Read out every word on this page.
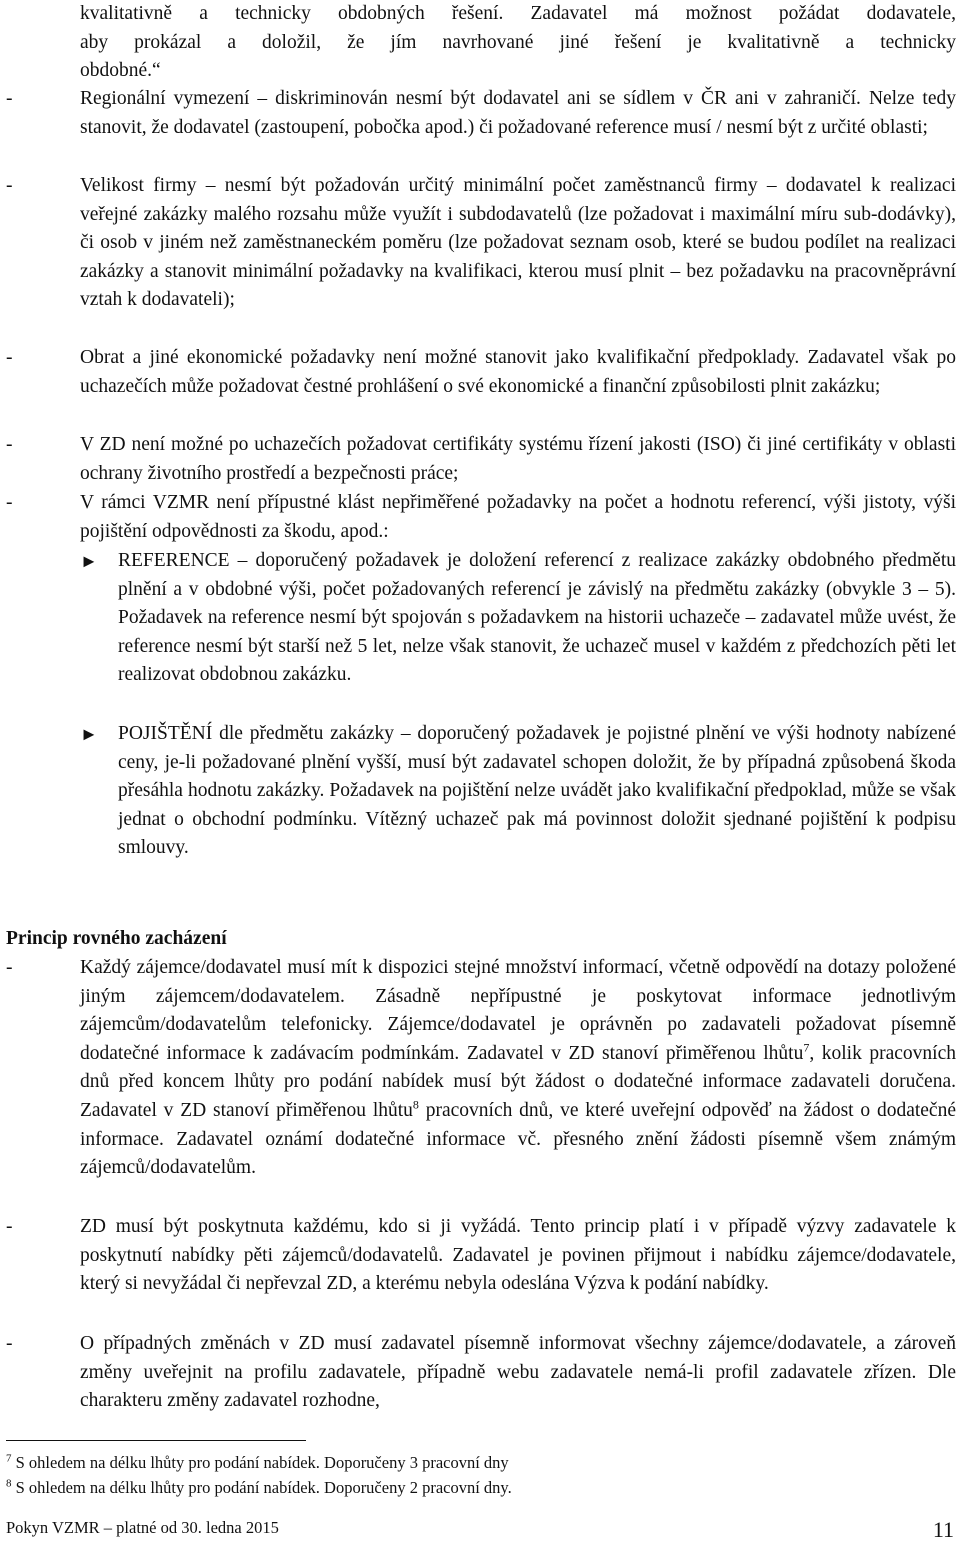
kvalitativně a technicky obdobných řešení. Zadavatel má možnost požádat dodavatele,
aby prokázal a doložil, že jím navrhované jiné řešení je kvalitativně a technicky
obdobné.“
-	Regionální vymezení – diskriminován nesmí být dodavatel ani se sídlem v ČR ani v zahraničí. Nelze tedy stanovit, že dodavatel (zastoupení, pobočka apod.) či požadované reference musí / nesmí být z určité oblasti;

-	Velikost firmy – nesmí být požadován určitý minimální počet zaměstnanců firmy – dodavatel k realizaci veřejné zakázky malého rozsahu může využít i subdodavatelů (lze požadovat i maximální míru sub-dodávky), či osob v jiném než zaměstnaneckém poměru (lze požadovat seznam osob, které se budou podílet na realizaci zakázky a stanovit minimální požadavky na kvalifikaci, kterou musí plnit – bez požadavku na pracovněprávní vztah k dodavateli);

-	Obrat a jiné ekonomické požadavky není možné stanovit jako kvalifikační předpoklady. Zadavatel však po uchazečích může požadovat čestné prohlášení o své ekonomické a finanční způsobilosti plnit zakázku;

-	V ZD není možné po uchazečích požadovat certifikáty systému řízení jakosti (ISO) či jiné certifikáty v oblasti ochrany životního prostředí a bezpečnosti práce;

-	V rámci VZMR není přípustné klást nepřiměřené požadavky na počet a hodnotu referencí, výši jistoty, výši pojištění odpovědnosti za škodu, apod.:

► REFERENCE – doporučený požadavek je doložení referencí z realizace zakázky obdobného předmětu plnění a v obdobné výši, počet požadovaných referencí je závislý na předmětu zakázky (obvykle 3 – 5). Požadavek na reference nesmí být spojován s požadavkem na historii uchazeče – zadavatel může uvést, že reference nesmí být starší než 5 let, nelze však stanovit, že uchazeč musel v každém z předchozích pěti let realizovat obdobnou zakázku.

► POJIŠTĚNÍ dle předmětu zakázky – doporučený požadavek je pojistné plnění ve výši hodnoty nabízené ceny, je-li požadované plnění vyšší, musí být zadavatel schopen doložit, že by případná způsobená škoda přesáhla hodnotu zakázky. Požadavek na pojištění nelze uvádět jako kvalifikační předpoklad, může se však jednat o obchodní podmínku. Vítězný uchazeč pak má povinnost doložit sjednané pojištění k podpisu smlouvy.

Princip rovného zacházení
-	Každý zájemce/dodavatel musí mít k dispozici stejné množství informací, včetně odpovědí na dotazy položené jiným zájemcem/dodavatelem. Zásadně nepřípustné je poskytovat informace jednotlivým zájemcům/dodavatelům telefonicky. Zájemce/dodavatel je oprávněn po zadavateli požadovat písemně dodatečné informace k zadávacím podmínkám. Zadavatel v ZD stanoví přiměřenou lhůtu$^7$, kolik pracovních dnů před koncem lhůty pro podání nabídek musí být žádost o dodatečné informace zadavateli doručena. Zadavatel v ZD stanoví přiměřenou lhůtu$^8$ pracovních dnů, ve které uveřejní odpověď na žádost o dodatečné informace. Zadavatel oznámí dodatečné informace vč. přesného znění žádosti písemně všem známým zájemců/dodavatelům.

-	ZD musí být poskytnuta každému, kdo si ji vyžádá. Tento princip platí i v případě výzvy zadavatele k poskytnutí nabídky pěti zájemců/dodavatelů. Zadavatel je povinen přijmout i nabídku zájemce/dodavatele, který si nevyžádal či nepřevzal ZD, a kterému nebyla odeslána Výzva k podání nabídky.

-	O případných změnách v ZD musí zadavatel písemně informovat všechny zájemce/dodavatele, a zároveň změny uveřejnit na profilu zadavatele, případně webu zadavatele nemá-li profil zadavatele zřízen. Dle charakteru změny zadavatel rozhodne,

$^7$ S ohledem na délku lhůty pro podání nabídek. Doporučeny 3 pracovní dny
$^8$ S ohledem na délku lhůty pro podání nabídek. Doporučeny 2 pracovní dny.
Pokyn VZMR – platné od 30. ledna 2015	11
